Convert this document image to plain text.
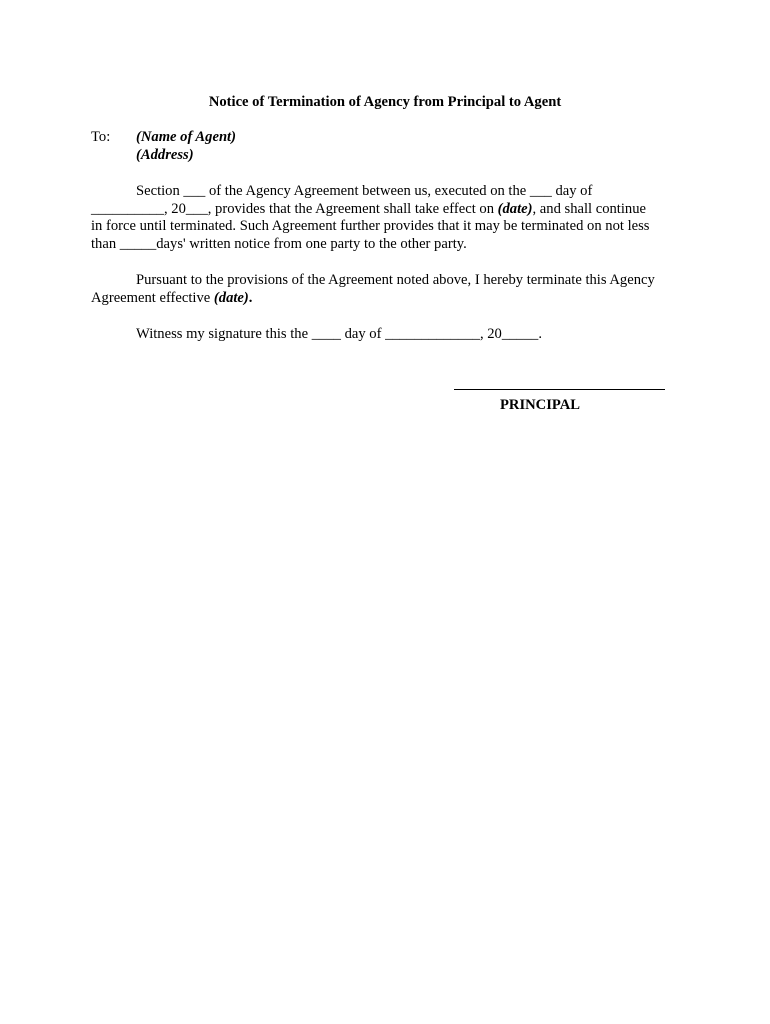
Notice of Termination of Agency from Principal to Agent
To: (Name of Agent)
(Address)
Section ___ of the Agency Agreement between us, executed on the ___ day of
__________, 20___, provides that the Agreement shall take effect on (date), and shall continue
in force until terminated. Such Agreement further provides that it may be terminated on not less
than _____days' written notice from one party to the other party.
Pursuant to the provisions of the Agreement noted above, I hereby terminate this Agency
Agreement effective (date).
Witness my signature this the ____ day of _____________, 20_____.
PRINCIPAL
